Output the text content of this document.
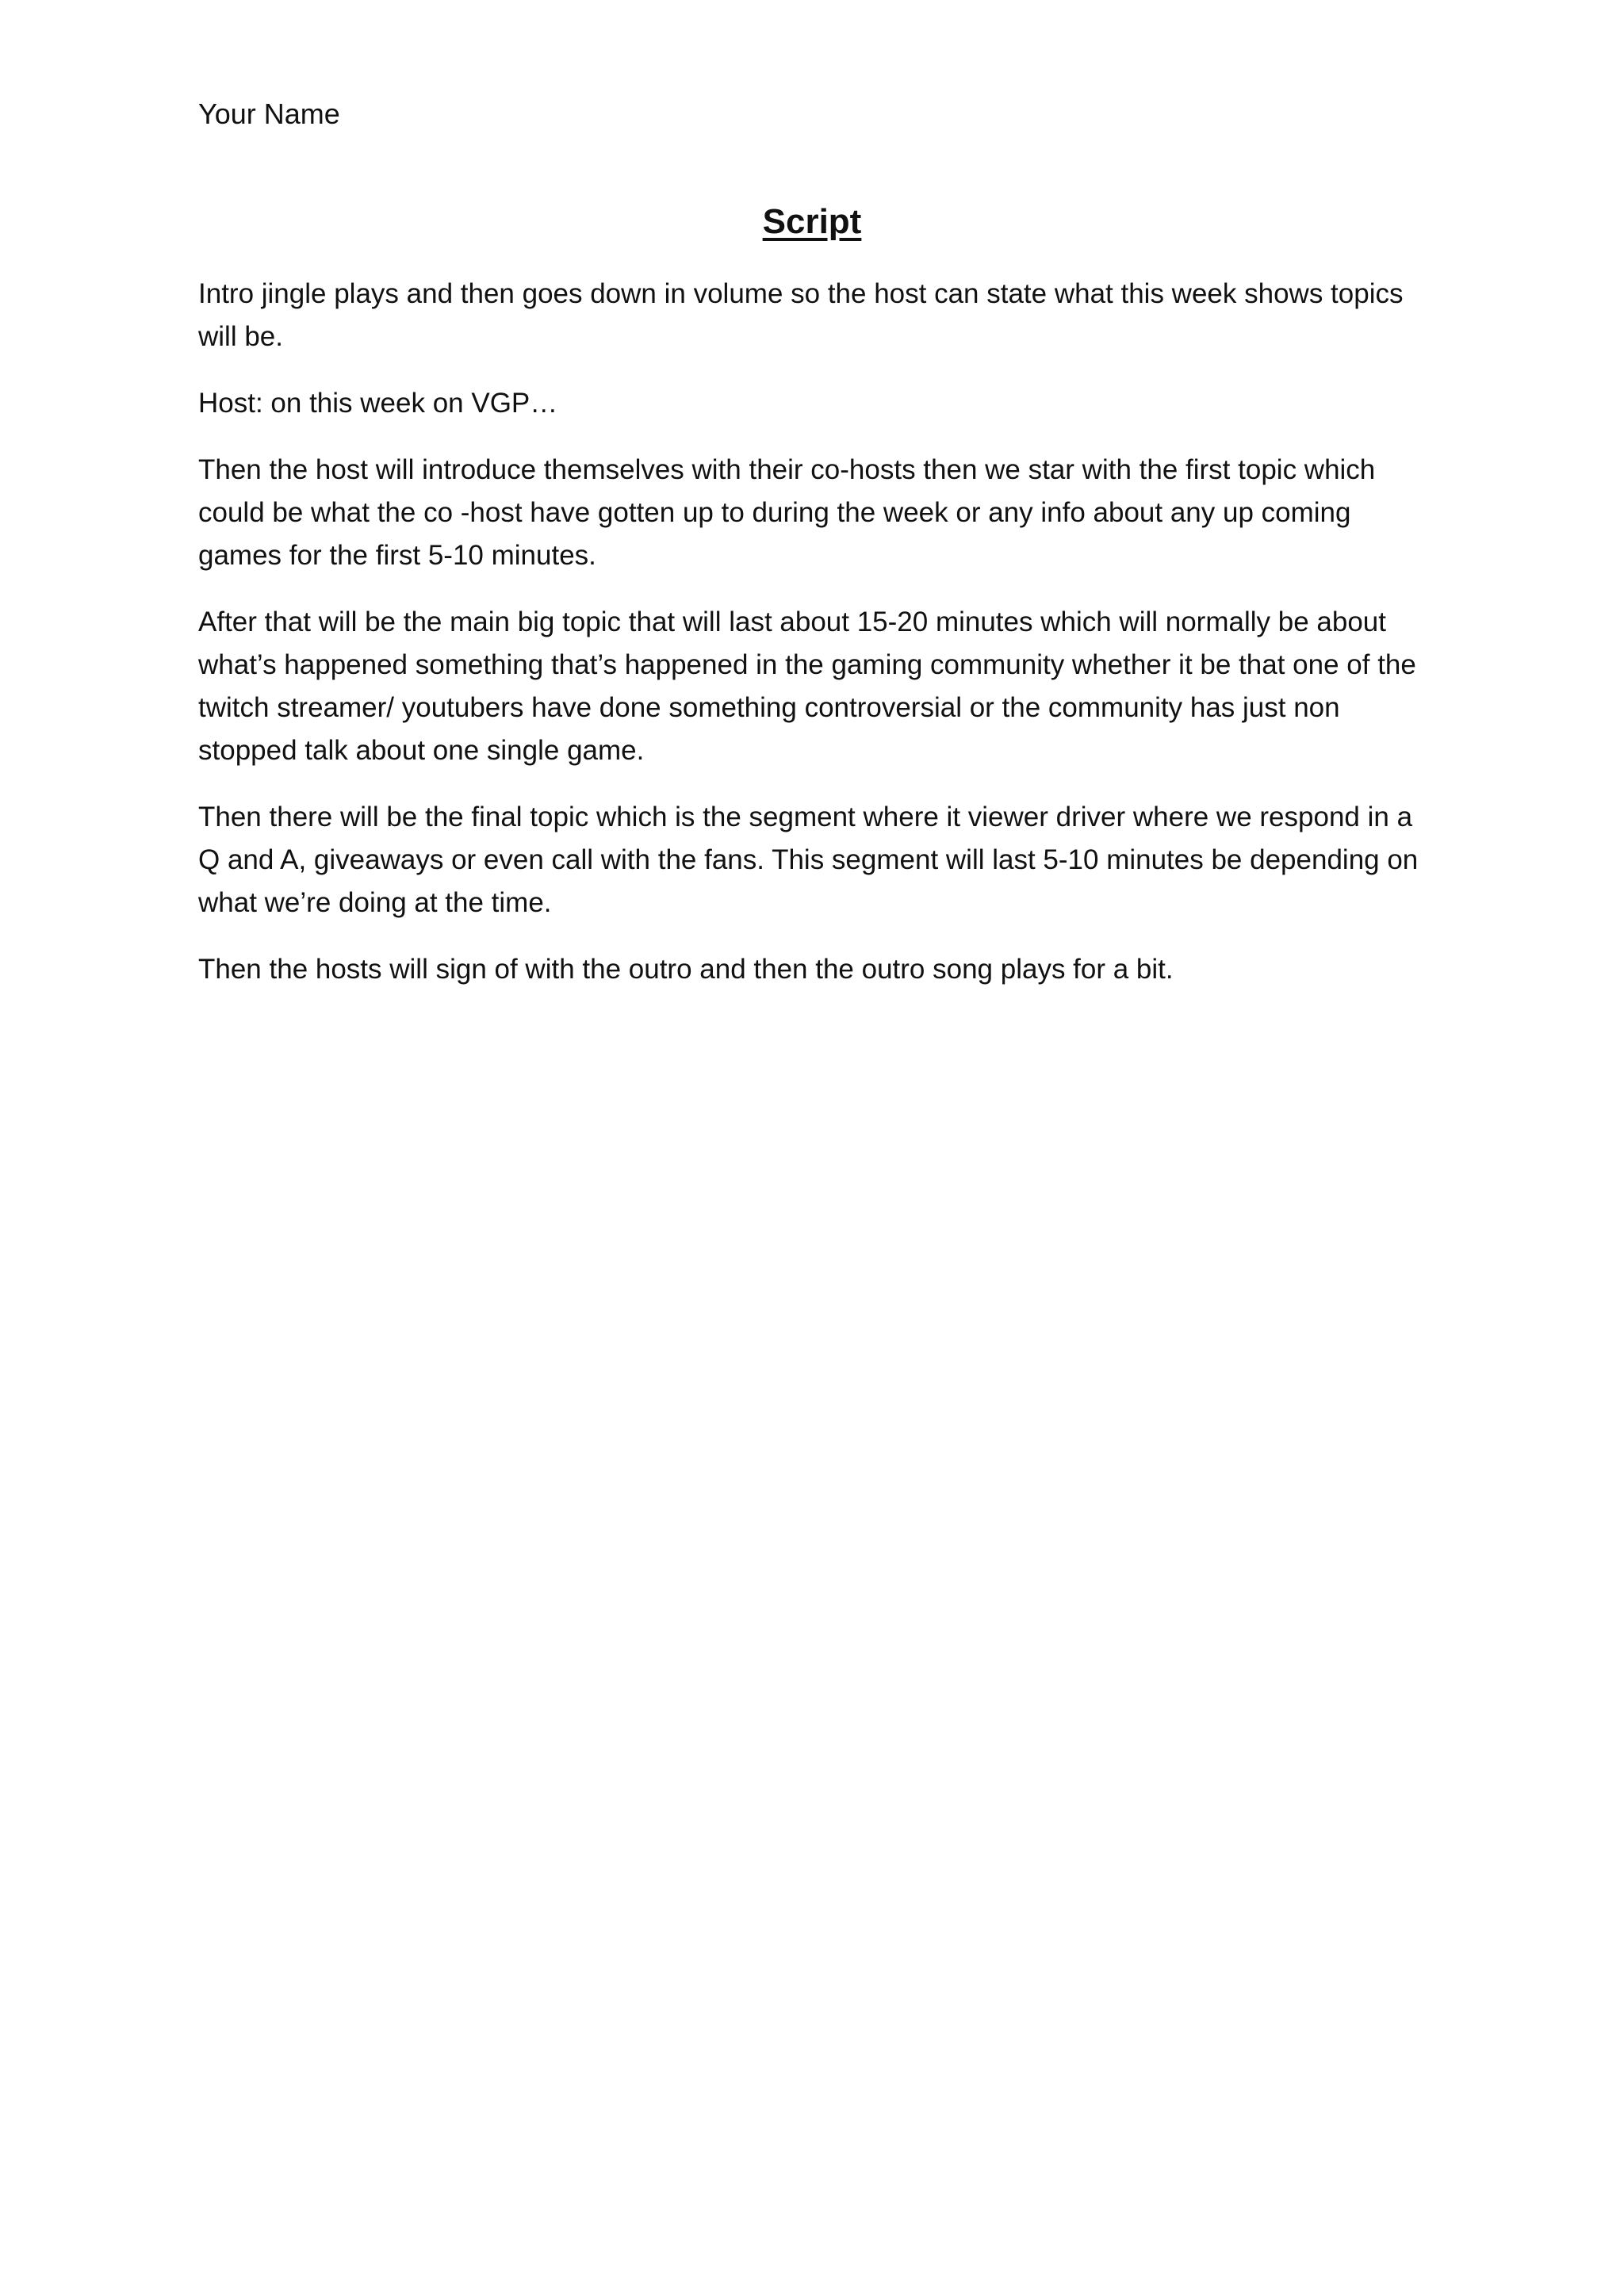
Your Name
Script

Intro jingle plays and then goes down in volume so the host can state what this week shows topics will be.

Host: on this week on VGP…

Then the host will introduce themselves with their co-hosts then we star with the first topic which could be what the co -host have gotten up to during the week or any info about any up coming games for the first 5-10 minutes.

After that will be the main big topic that will last about 15-20 minutes which will normally be about what’s happened something that’s happened in the gaming community whether it be that one of the twitch streamer/ youtubers have done something controversial or the community has just non stopped talk about one single game.

Then there will be the final topic which is the segment where it viewer driver where we respond in a Q and A, giveaways or even call with the fans. This segment will last 5-10 minutes be depending on what we’re doing at the time.

Then the hosts will sign of with the outro and then the outro song plays for a bit.
